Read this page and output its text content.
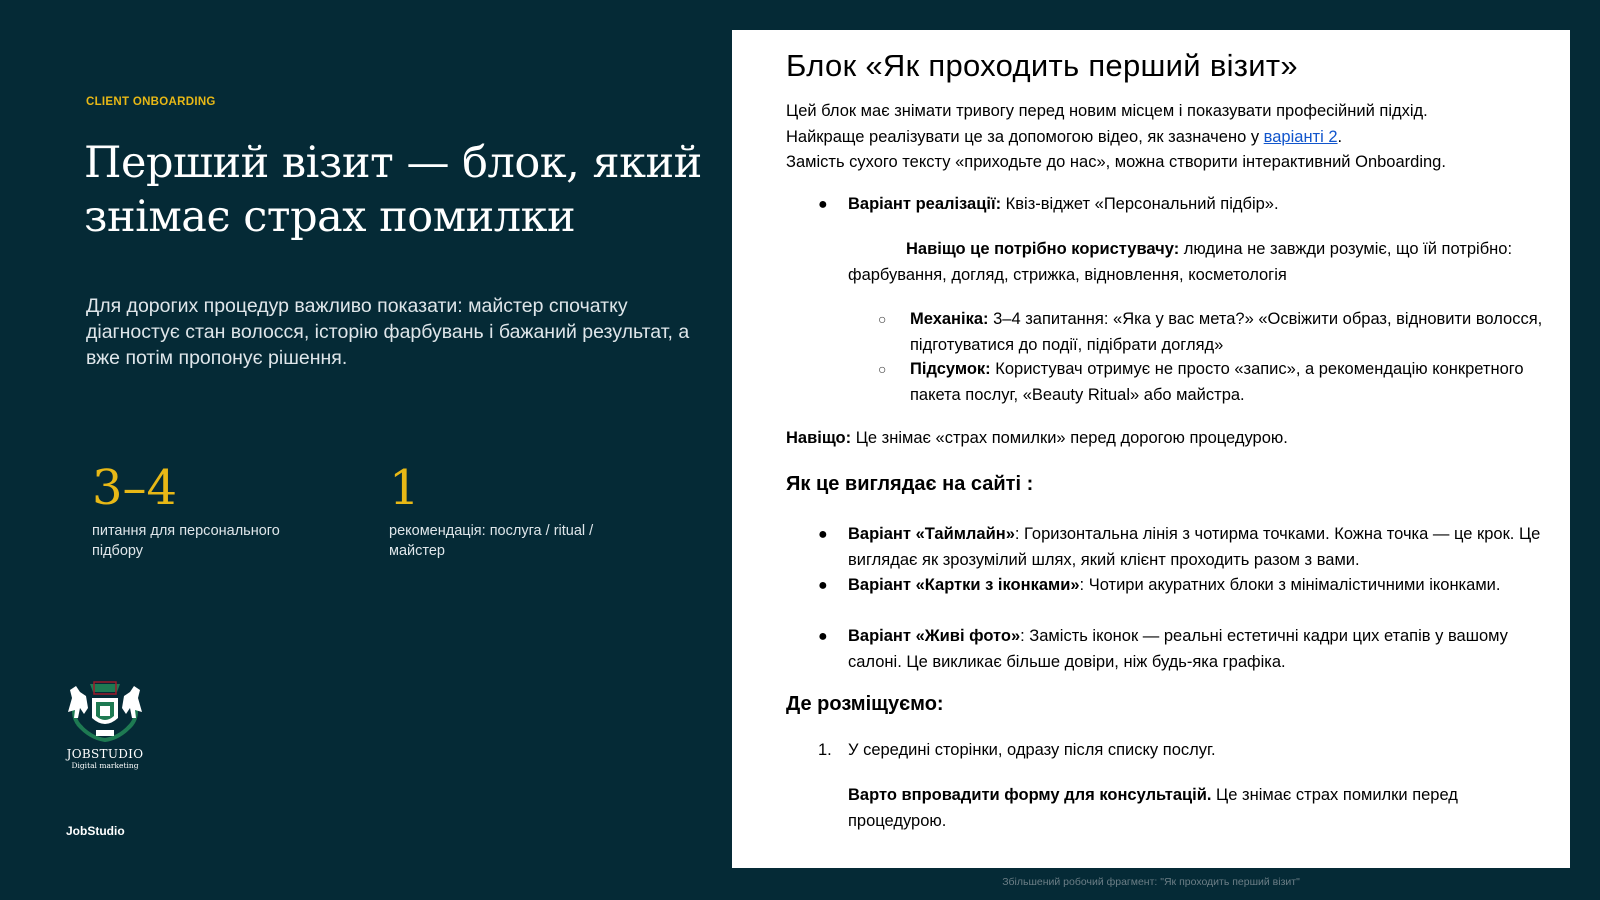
CLIENT ONBOARDING
Перший візит — блок, який знімає страх помилки

Для дорогих процедур важливо показати: майстер спочатку діагностує стан волосся, історію фарбувань і бажаний результат, а вже потім пропонує рішення.

3–4
питання для персонального підбору
1
рекомендація: послуга / ritual / майстер
JOBSTUDIO
Digital marketing
JobStudio
Блок «Як проходить перший візит»

Цей блок має знімати тривогу перед новим місцем і показувати професійний підхід.

Найкраще реалізувати це за допомогою відео, як зазначено у варіанті 2.

Замість сухого тексту «приходьте до нас», можна створити інтерактивний Onboarding.

●	Варіант реалізації: Квіз-віджет «Персональний підбір».

Навіщо це потрібно користувачу: людина не завжди розуміє, що їй потрібно: фарбування, догляд, стрижка, відновлення, косметологія

○ Механіка: 3–4 запитання: «Яка у вас мета?» «Освіжити образ, відновити волосся, підготуватися до події, підібрати догляд»

○ Підсумок: Користувач отримує не просто «запис», а рекомендацію конкретного пакета послуг, «Beauty Ritual» або майстра.

Навіщо: Це знімає «страх помилки» перед дорогою процедурою.

Як це виглядає на сайті :
●	Варіант «Таймлайн»: Горизонтальна лінія з чотирма точками. Кожна точка — це крок. Це виглядає як зрозумілий шлях, який клієнт проходить разом з вами.

●	Варіант «Картки з іконками»: Чотири акуратних блоки з мінімалістичними іконками.

●	Варіант «Живі фото»: Замість іконок — реальні естетичні кадри цих етапів у вашому салоні. Це викликає більше довіри, ніж будь-яка графіка.

Де розміщуємо:
1. У середині сторінки, одразу після списку послуг.

Варто впровадити форму для консультацій. Це знімає страх помилки перед процедурою.

Збільшений робочий фрагмент: "Як проходить перший візит"
